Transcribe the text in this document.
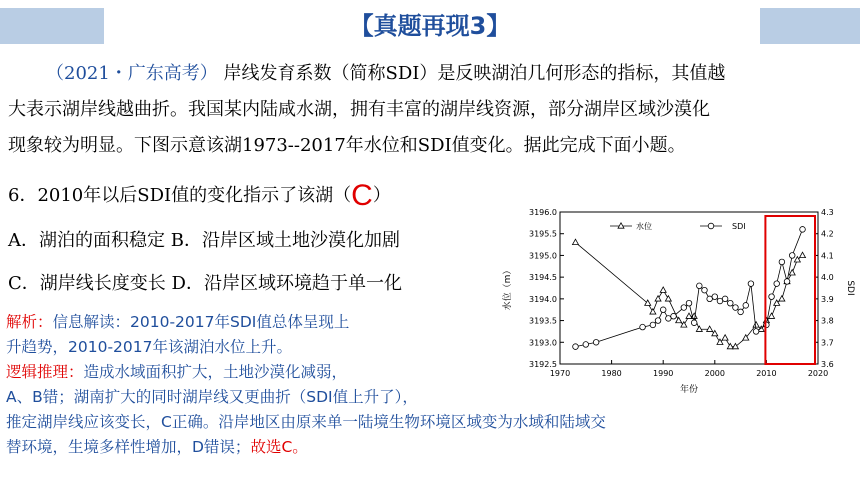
【真题再现3】
（2021・广东高考） 岸线发育系数（简称SDI）是反映湖泊几何形态的指标，其值越
大表示湖岸线越曲折。我国某内陆咸水湖，拥有丰富的湖岸线资源，部分湖岸区域沙漠化
现象较为明显。下图示意该湖1973--2017年水位和SDI值变化。据此完成下面小题。
6．2010年以后SDI值的变化指示了该湖（C）
A．湖泊的面积稳定 B．沿岸区域土地沙漠化加剧
C．湖岸线长度变长 D．沿岸区域环境趋于单一化
解析：信息解读：2010-2017年SDI值总体呈现上
升趋势，2010-2017年该湖泊水位上升。
逻辑推理：造成水域面积扩大，土地沙漠化减弱，
A、B错；湖南扩大的同时湖岸线又更曲折（SDI值上升了），
推定湖岸线应该变长，C正确。沿岸地区由原来单一陆境生物环境区域变为水域和陆域交
替环境，生境多样性增加，D错误；故选C。
1970	1980	1990	2000	2010	2020
3192.5
3193.0
3193.5
3194.0
3194.5
3195.0
3195.5
3196.0
3.6
3.7
3.8
3.9
4.0
4.1
4.2
4.3
年份
水位（m）	SDI
水位	SDI
